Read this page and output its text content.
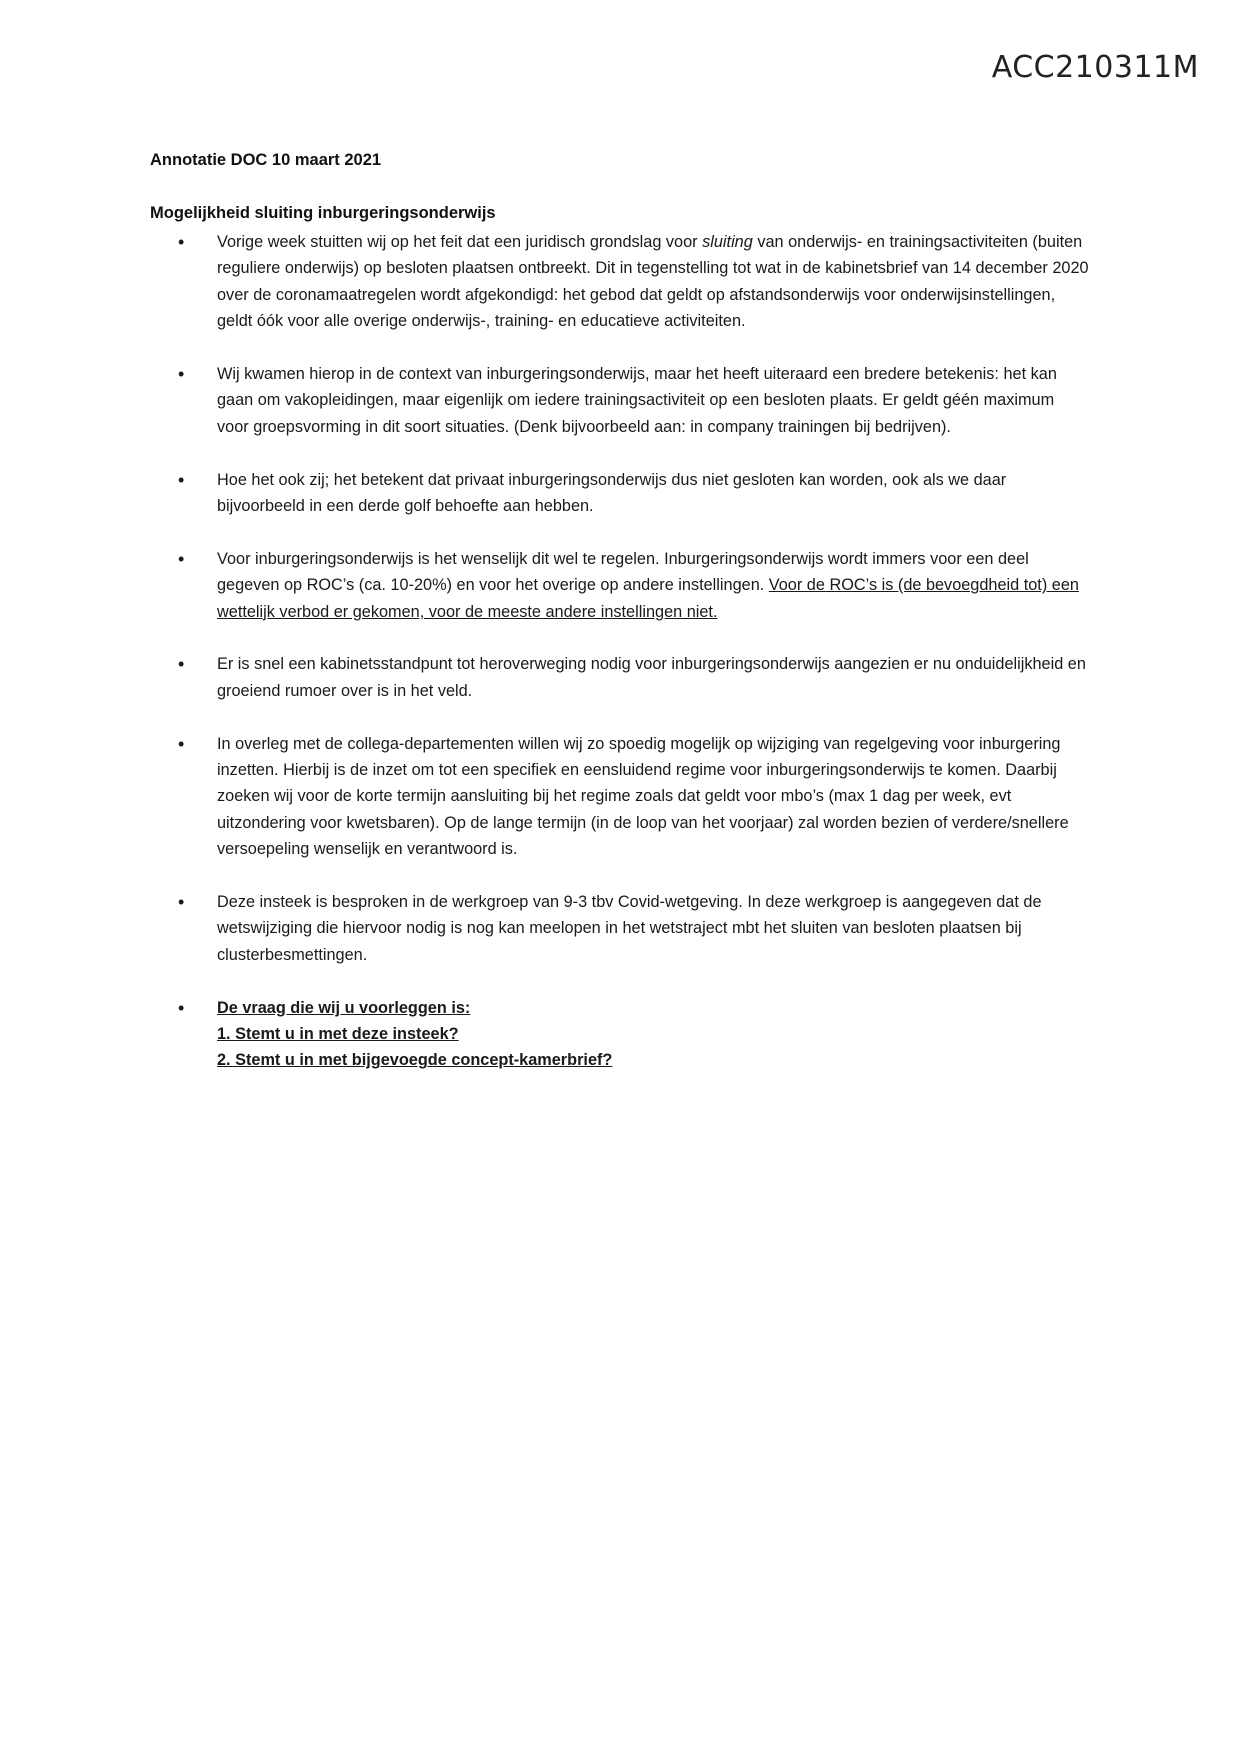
ACC210311M
Annotatie DOC 10 maart 2021
Mogelijkheid sluiting inburgeringsonderwijs
• Vorige week stuitten wij op het feit dat een juridisch grondslag voor sluiting van onderwijs- en trainingsactiviteiten (buiten reguliere onderwijs) op besloten plaatsen ontbreekt. Dit in tegenstelling tot wat in de kabinetsbrief van 14 december 2020 over de coronamaatregelen wordt afgekondigd: het gebod dat geldt op afstandsonderwijs voor onderwijsinstellingen, geldt óók voor alle overige onderwijs-, training- en educatieve activiteiten.
• Wij kwamen hierop in de context van inburgeringsonderwijs, maar het heeft uiteraard een bredere betekenis: het kan gaan om vakopleidingen, maar eigenlijk om iedere trainingsactiviteit op een besloten plaats. Er geldt géén maximum voor groepsvorming in dit soort situaties. (Denk bijvoorbeeld aan: in company trainingen bij bedrijven).
• Hoe het ook zij; het betekent dat privaat inburgeringsonderwijs dus niet gesloten kan worden, ook als we daar bijvoorbeeld in een derde golf behoefte aan hebben.
• Voor inburgeringsonderwijs is het wenselijk dit wel te regelen. Inburgeringsonderwijs wordt immers voor een deel gegeven op ROC’s (ca. 10-20%) en voor het overige op andere instellingen. Voor de ROC’s is (de bevoegdheid tot) een wettelijk verbod er gekomen, voor de meeste andere instellingen niet.
• Er is snel een kabinetsstandpunt tot heroverweging nodig voor inburgeringsonderwijs aangezien er nu onduidelijkheid en groeiend rumoer over is in het veld.
• In overleg met de collega-departementen willen wij zo spoedig mogelijk op wijziging van regelgeving voor inburgering inzetten. Hierbij is de inzet om tot een specifiek en eensluidend regime voor inburgeringsonderwijs te komen. Daarbij zoeken wij voor de korte termijn aansluiting bij het regime zoals dat geldt voor mbo’s (max 1 dag per week, evt uitzondering voor kwetsbaren). Op de lange termijn (in de loop van het voorjaar) zal worden bezien of verdere/snellere versoepeling wenselijk en verantwoord is.
• Deze insteek is besproken in de werkgroep van 9-3 tbv Covid-wetgeving. In deze werkgroep is aangegeven dat de wetswijziging die hiervoor nodig is nog kan meelopen in het wetstraject mbt het sluiten van besloten plaatsen bij clusterbesmettingen.
• De vraag die wij u voorleggen is:
1. Stemt u in met deze insteek?
2. Stemt u in met bijgevoegde concept-kamerbrief?
